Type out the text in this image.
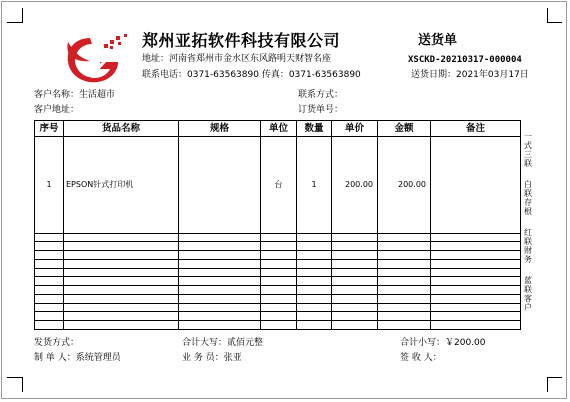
郑州亚拓软件科技有限公司
地址：河南省郑州市金水区东风路明天财智名座
联系电话：0371-63563890 传真：0371-63563890
送货单
XSCKD-20210317-000004
送货日期：2021年03月17日
客户名称：生活超市
客户地址：
联系方式：
订货单号：
序号	货品名称	规格	单位	数量	单价	金额	备注
1	EPSON针式打印机		台	1	200.00	200.00	

一式三联
白联存根
红联财务
蓝联客户
发货方式：	合计大写：贰佰元整	合计小写：￥200.00
制 单 人：系统管理员	业 务 员：张亚	签 收 人：
